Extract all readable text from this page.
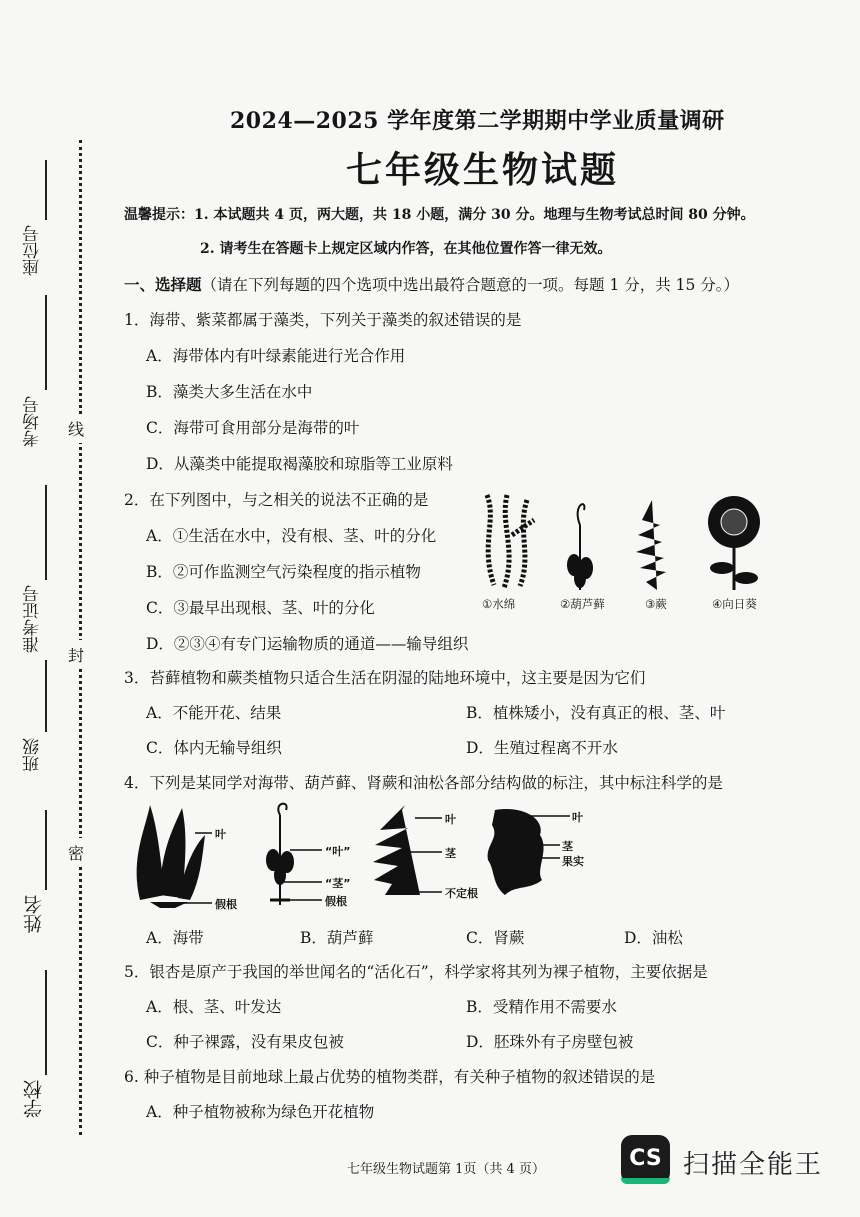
座位号
考场号
准考证号
班级
姓名
学校
线
封
密
2024—2025 学年度第二学期期中学业质量调研
七年级生物试题
温馨提示：1. 本试题共 4 页，两大题，共 18 小题，满分 30 分。地理与生物考试总时间 80 分钟。
2. 请考生在答题卡上规定区域内作答，在其他位置作答一律无效。
一、选择题（请在下列每题的四个选项中选出最符合题意的一项。每题 1 分，共 15 分。）
1．海带、紫菜都属于藻类，下列关于藻类的叙述错误的是
A．海带体内有叶绿素能进行光合作用
B．藻类大多生活在水中
C．海带可食用部分是海带的叶
D．从藻类中能提取褐藻胶和琼脂等工业原料
2．在下列图中，与之相关的说法不正确的是
A．①生活在水中，没有根、茎、叶的分化
B．②可作监测空气污染程度的指示植物
C．③最早出现根、茎、叶的分化
D．②③④有专门运输物质的通道——输导组织
①水绵	②葫芦藓	③蕨	④向日葵
3．苔藓植物和蕨类植物只适合生活在阴湿的陆地环境中，这主要是因为它们
A．不能开花、结果	B．植株矮小，没有真正的根、茎、叶
C．体内无输导组织	D．生殖过程离不开水
4．下列是某同学对海带、葫芦藓、肾蕨和油松各部分结构做的标注，其中标注科学的是
叶
假根
“叶”
“茎”
假根
叶
茎
不定根
叶
茎
果实
A．海带	B．葫芦藓	C．肾蕨	D．油松
5．银杏是原产于我国的举世闻名的“活化石”，科学家将其列为裸子植物，主要依据是
A．根、茎、叶发达	B．受精作用不需要水
C．种子裸露，没有果皮包被	D．胚珠外有子房壁包被
6. 种子植物是目前地球上最占优势的植物类群，有关种子植物的叙述错误的是
A．种子植物被称为绿色开花植物
七年级生物试题第 1页（共 4 页）	CS 扫描全能王
